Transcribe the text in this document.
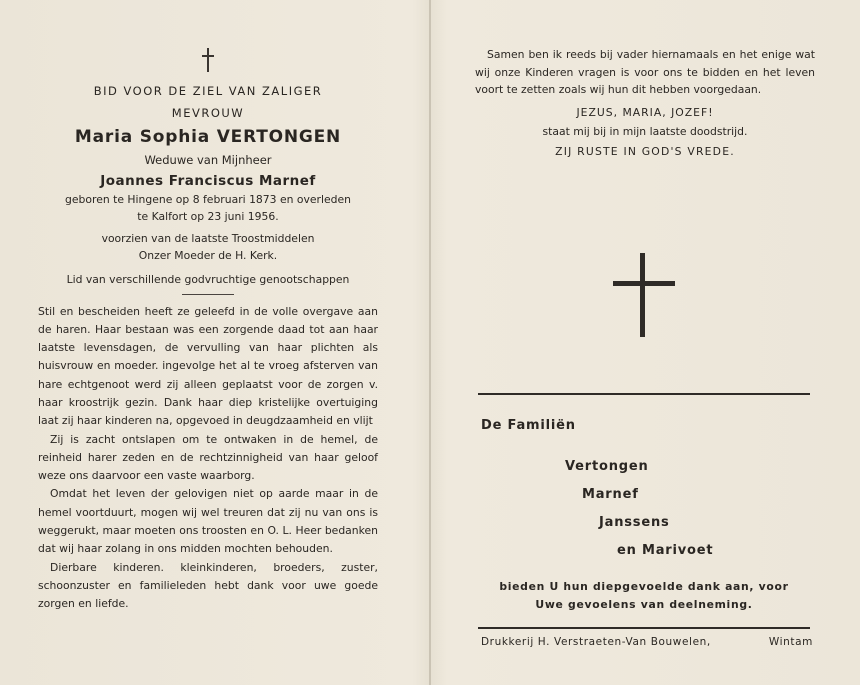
BID VOOR DE ZIEL VAN ZALIGER
MEVROUW
Maria Sophia VERTONGEN
Weduwe van Mijnheer
Joannes Franciscus Marnef
geboren te Hingene op 8 februari 1873 en overleden
te Kalfort op 23 juni 1956.
voorzien van de laatste Troostmiddelen
Onzer Moeder de H. Kerk.
Lid van verschillende godvruchtige genootschappen

Stil en bescheiden heeft ze geleefd in de volle overgave aan de haren. Haar bestaan was een zorgende daad tot aan haar laatste levensdagen, de vervulling van haar plichten als huisvrouw en moeder. ingevolge het al te vroeg afsterven van hare echtgenoot werd zij alleen geplaatst voor de zorgen v. haar kroostrijk gezin. Dank haar diep kristelijke overtuiging laat zij haar kinderen na, opgevoed in deugdzaamheid en vlijt

Zij is zacht ontslapen om te ontwaken in de hemel, de reinheid harer zeden en de rechtzinnigheid van haar geloof weze ons daarvoor een vaste waarborg.

Omdat het leven der gelovigen niet op aarde maar in de hemel voortduurt, mogen wij wel treuren dat zij nu van ons is weggerukt, maar moeten ons troosten en O. L. Heer bedanken dat wij haar zolang in ons midden mochten behouden.

Dierbare kinderen. kleinkinderen, broeders, zuster, schoonzuster en familieleden hebt dank voor uwe goede zorgen en liefde.

Samen ben ik reeds bij vader hiernamaals en het enige wat wij onze Kinderen vragen is voor ons te bidden en het leven voort te zetten zoals wij hun dit hebben voorgedaan.

JEZUS, MARIA, JOZEF!
staat mij bij in mijn laatste doodstrijd.
ZIJ RUSTE IN GOD'S VREDE.
De Familiën
Vertongen
Marnef
Janssens
en Marivoet
bieden U hun diepgevoelde dank aan, voor
Uwe gevoelens van deelneming.
Drukkerij H. Verstraeten-Van Bouwelen,	Wintam
